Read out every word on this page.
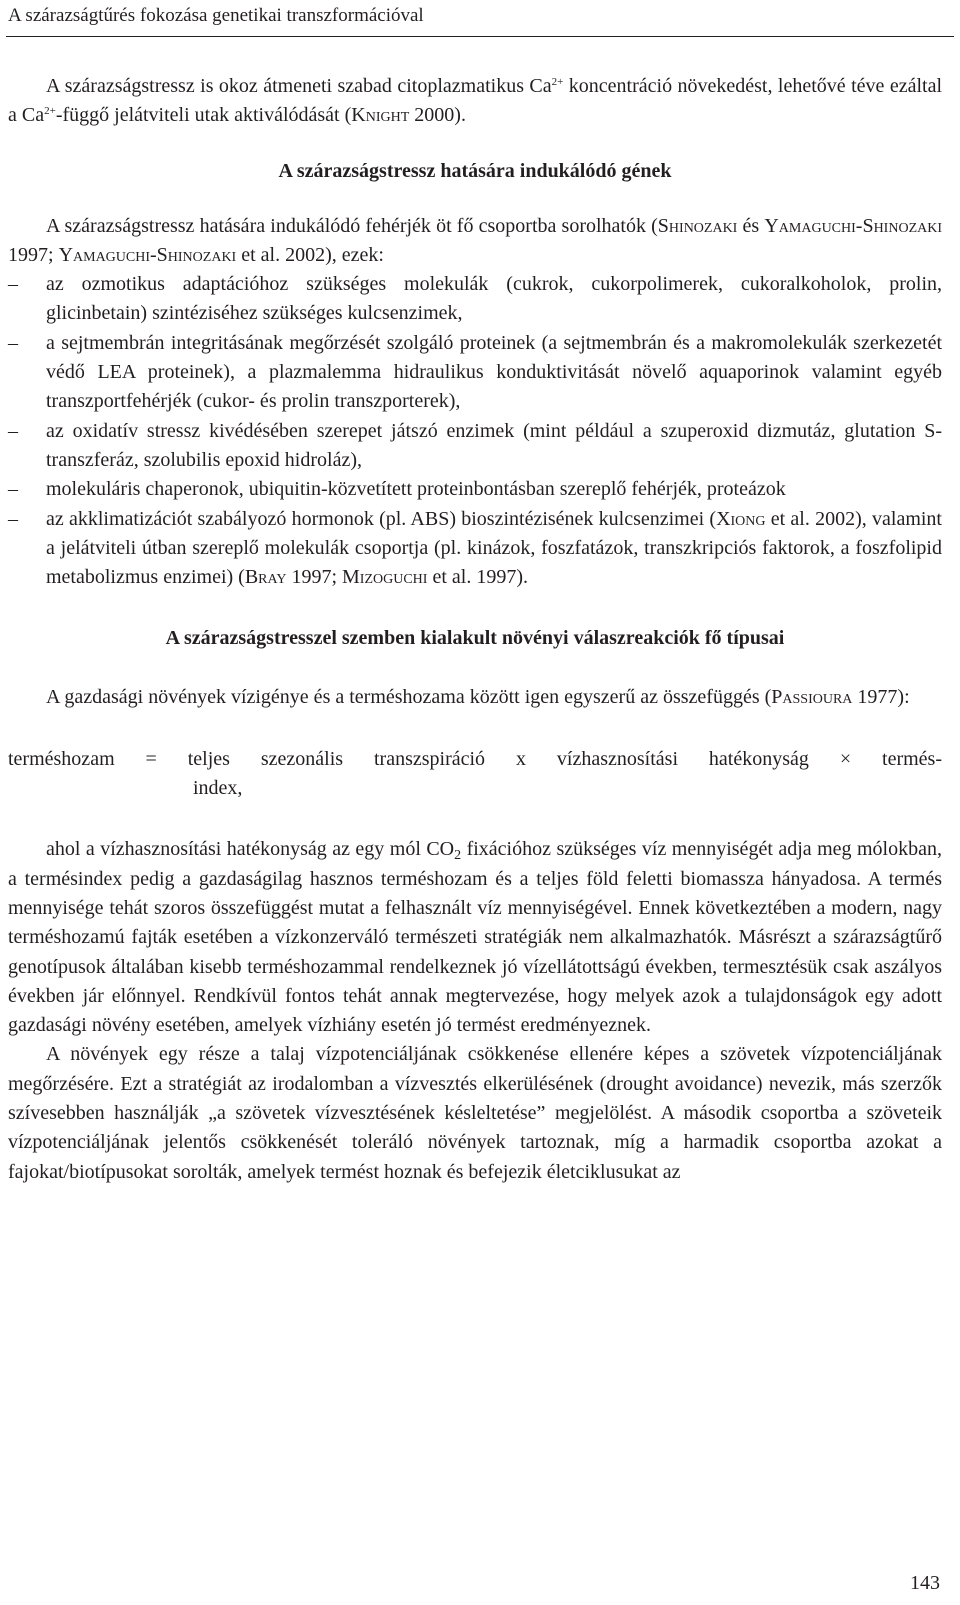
A szárazságtűrés fokozása genetikai transzformációval

A szárazságstressz is okoz átmeneti szabad citoplazmatikus $Ca^{2+}$ koncentráció növekedést, lehetővé téve ezáltal a $Ca^{2+}$-függő jelátviteli utak aktiválódását (Knight 2000).

A szárazságstressz hatására indukálódó gének

A szárazságstressz hatására indukálódó fehérjék öt fő csoportba sorolhatók (Shinozaki és Yamaguchi-Shinozaki 1997; Yamaguchi-Shinozaki et al. 2002), ezek:

– az ozmotikus adaptációhoz szükséges molekulák (cukrok, cukorpolimerek, cukoralkoholok, prolin, glicinbetain) szintéziséhez szükséges kulcsenzimek,
– a sejtmembrán integritásának megőrzését szolgáló proteinek (a sejtmembrán és a makromolekulák szerkezetét védő LEA proteinek), a plazmalemma hidraulikus konduktivitását növelő aquaporinok valamint egyéb transzportfehérjék (cukor- és prolin transzporterek),
– az oxidatív stressz kivédésében szerepet játszó enzimek (mint például a szuperoxid dizmutáz, glutation S-transzferáz, szolubilis epoxid hidroláz),
– molekuláris chaperonok, ubiquitin-közvetített proteinbontásban szereplő fehérjék, proteázok
– az akklimatizációt szabályozó hormonok (pl. ABS) bioszintézisének kulcsenzimei (Xiong et al. 2002), valamint a jelátviteli útban szereplő molekulák csoportja (pl. kinázok, foszfatázok, transzkripciós faktorok, a foszfolipid metabolizmus enzimei) (Bray 1997; Mizoguchi et al. 1997).
A szárazságstresszel szemben kialakult növényi válaszreakciók fő típusai

A gazdasági növények vízigénye és a terméshozama között igen egyszerű az összefüggés (Passioura 1977):

terméshozam = teljes szezonális transzspiráció x vízhasznosítási hatékonyság × termés-
index,

ahol a vízhasznosítási hatékonyság az egy mól $CO_2$ fixációhoz szükséges víz mennyiségét adja meg mólokban, a termésindex pedig a gazdaságilag hasznos terméshozam és a teljes föld feletti biomassza hányadosa. A termés mennyisége tehát szoros összefüggést mutat a felhasznált víz mennyiségével. Ennek következtében a modern, nagy terméshozamú fajták esetében a vízkonzerváló természeti stratégiák nem alkalmazhatók. Másrészt a szárazságtűrő genotípusok általában kisebb terméshozammal rendelkeznek jó vízellátottságú években, termesztésük csak aszályos években jár előnnyel. Rendkívül fontos tehát annak megtervezése, hogy melyek azok a tulajdonságok egy adott gazdasági növény esetében, amelyek vízhiány esetén jó termést eredményeznek.

A növények egy része a talaj vízpotenciáljának csökkenése ellenére képes a szövetek vízpotenciáljának megőrzésére. Ezt a stratégiát az irodalomban a vízvesztés elkerülésének (drought avoidance) nevezik, más szerzők szívesebben használják „a szövetek vízvesztésének késleltetése” megjelölést. A második csoportba a szöveteik vízpotenciáljának jelentős csökkenését toleráló növények tartoznak, míg a harmadik csoportba azokat a fajokat/biotípusokat sorolták, amelyek termést hoznak és befejezik életciklusukat az

143
